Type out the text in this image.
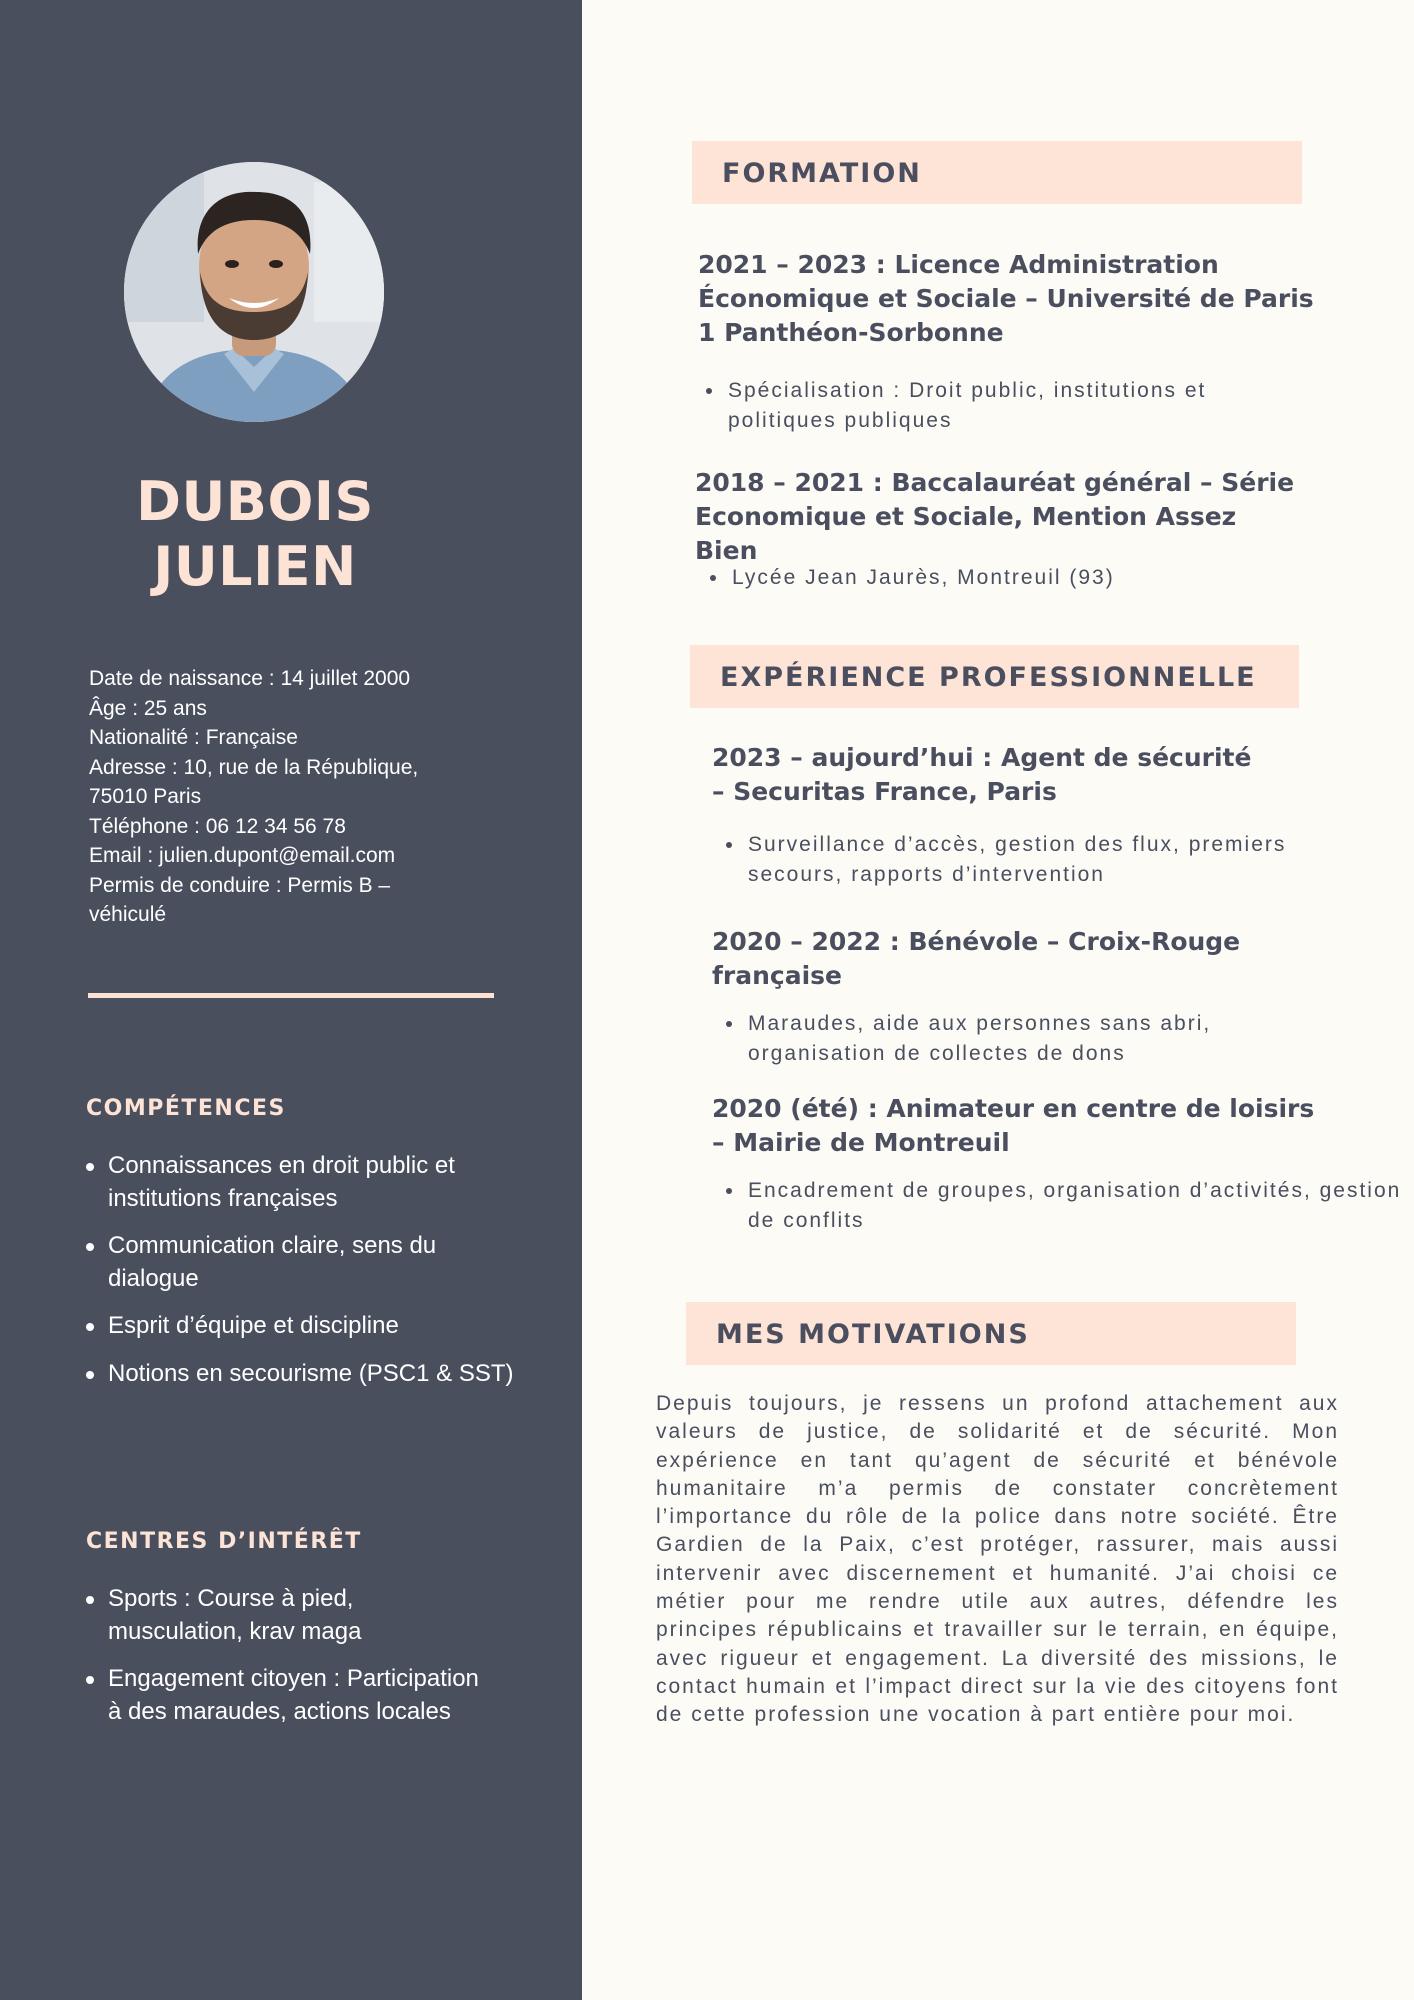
DUBOIS
JULIEN

Date de naissance : 14 juillet 2000

Âge : 25 ans

Nationalité : Française

Adresse : 10, rue de la République,

75010 Paris

Téléphone : 06 12 34 56 78

Email : julien.dupont@email.com

Permis de conduire : Permis B –

véhiculé

COMPÉTENCES
Connaissances en droit public et institutions françaises
Communication claire, sens du dialogue
Esprit d’équipe et discipline
Notions en secourisme (PSC1 & SST)
CENTRES D’INTÉRÊT
Sports : Course à pied, musculation, krav maga
Engagement citoyen : Participation à des maraudes, actions locales
FORMATION
2021 – 2023 : Licence Administration Économique et Sociale – Université de Paris 1 Panthéon-Sorbonne
Spécialisation : Droit public, institutions et politiques publiques
2018 – 2021 : Baccalauréat général – Série Economique et Sociale, Mention Assez Bien
Lycée Jean Jaurès, Montreuil (93)
EXPÉRIENCE PROFESSIONNELLE
2023 – aujourd’hui : Agent de sécurité – Securitas France, Paris
Surveillance d’accès, gestion des flux, premiers secours, rapports d’intervention
2020 – 2022 : Bénévole – Croix-Rouge française
Maraudes, aide aux personnes sans abri, organisation de collectes de dons
2020 (été) : Animateur en centre de loisirs – Mairie de Montreuil
Encadrement de groupes, organisation d’activités, gestion de conflits
MES MOTIVATIONS

Depuis toujours, je ressens un profond attachement aux valeurs de justice, de solidarité et de sécurité. Mon expérience en tant qu’agent de sécurité et bénévole humanitaire m’a permis de constater concrètement l’importance du rôle de la police dans notre société. Être Gardien de la Paix, c’est protéger, rassurer, mais aussi intervenir avec discernement et humanité. J’ai choisi ce métier pour me rendre utile aux autres, défendre les principes républicains et travailler sur le terrain, en équipe, avec rigueur et engagement. La diversité des missions, le contact humain et l’impact direct sur la vie des citoyens font de cette profession une vocation à part entière pour moi.
